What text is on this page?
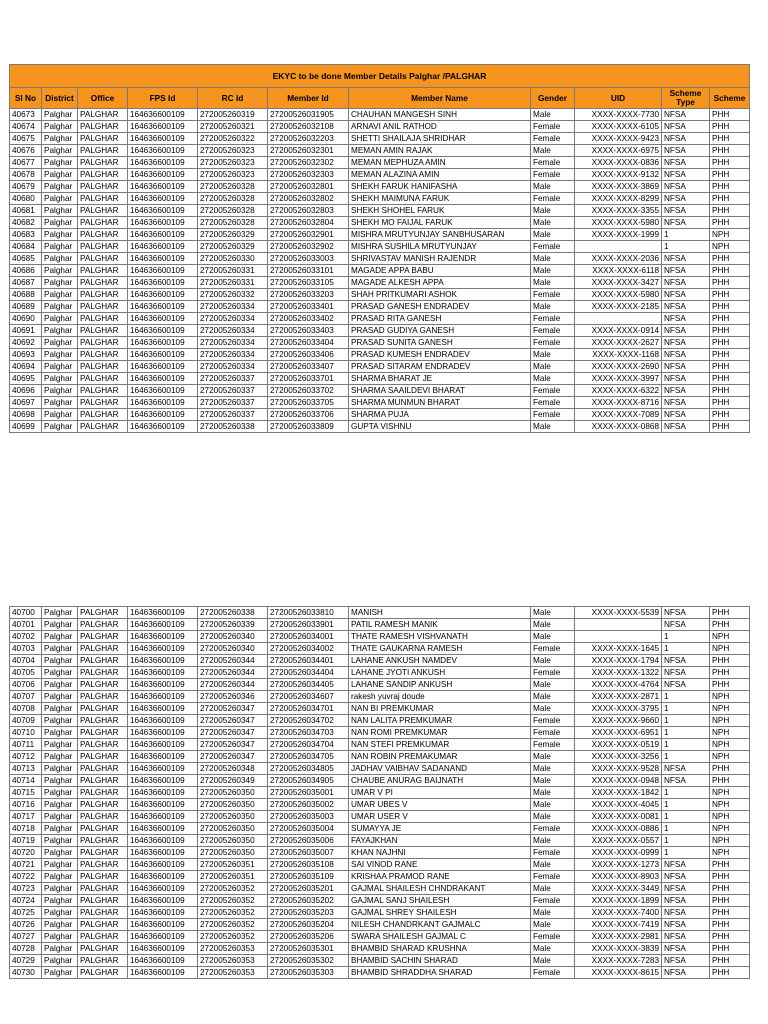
EKYC to be done Member Details Palghar /PALGHAR										
Sl No	District	Office	FPS Id	RC Id	Member Id	Member Name	Gender	UID	Scheme Type	Scheme
40673	Palghar	PALGHAR	164636600109	272005260319	27200526031905	CHAUHAN MANGESH SINH	Male	XXXX-XXXX-7730	NFSA	PHH
40674	Palghar	PALGHAR	164636600109	272005260321	27200526032108	ARNAVI ANIL RATHOD	Female	XXXX-XXXX-6105	NFSA	PHH
40675	Palghar	PALGHAR	164636600109	272005260322	27200526032203	SHETTI SHAILAJA SHRIDHAR	Female	XXXX-XXXX-9423	NFSA	PHH
40676	Palghar	PALGHAR	164636600109	272005260323	27200526032301	MEMAN AMIN RAJAK	Male	XXXX-XXXX-6975	NFSA	PHH
40677	Palghar	PALGHAR	164636600109	272005260323	27200526032302	MEMAN MEPHUZA AMIN	Female	XXXX-XXXX-0836	NFSA	PHH
40678	Palghar	PALGHAR	164636600109	272005260323	27200526032303	MEMAN ALAZINA AMIN	Female	XXXX-XXXX-9132	NFSA	PHH
40679	Palghar	PALGHAR	164636600109	272005260328	27200526032801	SHEKH FARUK HANIFASHA	Male	XXXX-XXXX-3869	NFSA	PHH
40680	Palghar	PALGHAR	164636600109	272005260328	27200526032802	SHEKH MAIMUNA FARUK	Female	XXXX-XXXX-8299	NFSA	PHH
40681	Palghar	PALGHAR	164636600109	272005260328	27200526032803	SHEKH SHOHEL FARUK	Male	XXXX-XXXX-3355	NFSA	PHH
40682	Palghar	PALGHAR	164636600109	272005260328	27200526032804	SHEKH MO FAIJAL FARUK	Male	XXXX-XXXX-5980	NFSA	PHH
40683	Palghar	PALGHAR	164636600109	272005260329	27200526032901	MISHRA MRUTYUNJAY SANBHUSARAN	Male	XXXX-XXXX-1999	1	NPH
40684	Palghar	PALGHAR	164636600109	272005260329	27200526032902	MISHRA SUSHILA MRUTYUNJAY	Female		1	NPH
40685	Palghar	PALGHAR	164636600109	272005260330	27200526033003	SHRIVASTAV MANISH RAJENDR	Male	XXXX-XXXX-2036	NFSA	PHH
40686	Palghar	PALGHAR	164636600109	272005260331	27200526033101	MAGADE APPA BABU	Male	XXXX-XXXX-6118	NFSA	PHH
40687	Palghar	PALGHAR	164636600109	272005260331	27200526033105	MAGADE ALKESH APPA	Male	XXXX-XXXX-3427	NFSA	PHH
40688	Palghar	PALGHAR	164636600109	272005260332	27200526033203	SHAH PRITKUMARI ASHOK	Female	XXXX-XXXX-5980	NFSA	PHH
40689	Palghar	PALGHAR	164636600109	272005260334	27200526033401	PRASAD GANESH ENDRADEV	Male	XXXX-XXXX-2185	NFSA	PHH
40690	Palghar	PALGHAR	164636600109	272005260334	27200526033402	PRASAD RITA GANESH	Female		NFSA	PHH
40691	Palghar	PALGHAR	164636600109	272005260334	27200526033403	PRASAD GUDIYA GANESH	Female	XXXX-XXXX-0914	NFSA	PHH
40692	Palghar	PALGHAR	164636600109	272005260334	27200526033404	PRASAD SUNITA GANESH	Female	XXXX-XXXX-2627	NFSA	PHH
40693	Palghar	PALGHAR	164636600109	272005260334	27200526033406	PRASAD KUMESH ENDRADEV	Male	XXXX-XXXX-1168	NFSA	PHH
40694	Palghar	PALGHAR	164636600109	272005260334	27200526033407	PRASAD SITARAM ENDRADEV	Male	XXXX-XXXX-2690	NFSA	PHH
40695	Palghar	PALGHAR	164636600109	272005260337	27200526033701	SHARMA BHARAT JE	Male	XXXX-XXXX-3997	NFSA	PHH
40696	Palghar	PALGHAR	164636600109	272005260337	27200526033702	SHARMA SAAILDEVI BHARAT	Female	XXXX-XXXX-6322	NFSA	PHH
40697	Palghar	PALGHAR	164636600109	272005260337	27200526033705	SHARMA MUNMUN BHARAT	Female	XXXX-XXXX-8716	NFSA	PHH
40698	Palghar	PALGHAR	164636600109	272005260337	27200526033706	SHARMA PUJA	Female	XXXX-XXXX-7089	NFSA	PHH
40699	Palghar	PALGHAR	164636600109	272005260338	27200526033809	GUPTA VISHNU	Male	XXXX-XXXX-0868	NFSA	PHH
40700	Palghar	PALGHAR	164636600109	272005260338	27200526033810	MANISH	Male	XXXX-XXXX-5539	NFSA	PHH
40701	Palghar	PALGHAR	164636600109	272005260339	27200526033901	PATIL RAMESH MANIK	Male		NFSA	PHH
40702	Palghar	PALGHAR	164636600109	272005260340	27200526034001	THATE RAMESH VISHVANATH	Male		1	NPH
40703	Palghar	PALGHAR	164636600109	272005260340	27200526034002	THATE GAUKARNA RAMESH	Female	XXXX-XXXX-1645	1	NPH
40704	Palghar	PALGHAR	164636600109	272005260344	27200526034401	LAHANE ANKUSH NAMDEV	Male	XXXX-XXXX-1794	NFSA	PHH
40705	Palghar	PALGHAR	164636600109	272005260344	27200526034404	LAHANE JYOTI ANKUSH	Female	XXXX-XXXX-1322	NFSA	PHH
40706	Palghar	PALGHAR	164636600109	272005260344	27200526034405	LAHANE SANDIP ANKUSH	Male	XXXX-XXXX-4764	NFSA	PHH
40707	Palghar	PALGHAR	164636600109	272005260346	27200526034607	rakesh yuvraj doude	Male	XXXX-XXXX-2871	1	NPH
40708	Palghar	PALGHAR	164636600109	272005260347	27200526034701	NAN BI PREMKUMAR	Male	XXXX-XXXX-3795	1	NPH
40709	Palghar	PALGHAR	164636600109	272005260347	27200526034702	NAN LALITA PREMKUMAR	Female	XXXX-XXXX-9660	1	NPH
40710	Palghar	PALGHAR	164636600109	272005260347	27200526034703	NAN ROMI PREMKUMAR	Female	XXXX-XXXX-6951	1	NPH
40711	Palghar	PALGHAR	164636600109	272005260347	27200526034704	NAN STEFI PREMKUMAR	Female	XXXX-XXXX-0519	1	NPH
40712	Palghar	PALGHAR	164636600109	272005260347	27200526034705	NAN ROBIN PREMAKUMAR	Male	XXXX-XXXX-3256	1	NPH
40713	Palghar	PALGHAR	164636600109	272005260348	27200526034805	JADHAV VAIBHAV SADANAND	Male	XXXX-XXXX-9528	NFSA	PHH
40714	Palghar	PALGHAR	164636600109	272005260349	27200526034905	CHAUBE ANURAG BAIJNATH	Male	XXXX-XXXX-0948	NFSA	PHH
40715	Palghar	PALGHAR	164636600109	272005260350	27200526035001	UMAR V PI	Male	XXXX-XXXX-1842	1	NPH
40716	Palghar	PALGHAR	164636600109	272005260350	27200526035002	UMAR UBES V	Male	XXXX-XXXX-4045	1	NPH
40717	Palghar	PALGHAR	164636600109	272005260350	27200526035003	UMAR USER V	Male	XXXX-XXXX-0081	1	NPH
40718	Palghar	PALGHAR	164636600109	272005260350	27200526035004	SUMAYYA JE	Female	XXXX-XXXX-0886	1	NPH
40719	Palghar	PALGHAR	164636600109	272005260350	27200526035006	FAYAJKHAN	Male	XXXX-XXXX-0557	1	NPH
40720	Palghar	PALGHAR	164636600109	272005260350	27200526035007	KHAN NAJHNI	Female	XXXX-XXXX-0999	1	NPH
40721	Palghar	PALGHAR	164636600109	272005260351	27200526035108	SAI VINOD RANE	Male	XXXX-XXXX-1273	NFSA	PHH
40722	Palghar	PALGHAR	164636600109	272005260351	27200526035109	KRISHAA PRAMOD RANE	Female	XXXX-XXXX-8903	NFSA	PHH
40723	Palghar	PALGHAR	164636600109	272005260352	27200526035201	GAJMAL SHAILESH CHNDRAKANT	Male	XXXX-XXXX-3449	NFSA	PHH
40724	Palghar	PALGHAR	164636600109	272005260352	27200526035202	GAJMAL SANJ SHAILESH	Female	XXXX-XXXX-1899	NFSA	PHH
40725	Palghar	PALGHAR	164636600109	272005260352	27200526035203	GAJMAL SHREY SHAILESH	Male	XXXX-XXXX-7400	NFSA	PHH
40726	Palghar	PALGHAR	164636600109	272005260352	27200526035204	NILESH CHANDRKANT GAJMALC	Male	XXXX-XXXX-7419	NFSA	PHH
40727	Palghar	PALGHAR	164636600109	272005260352	27200526035206	SWARA SHAILESH GAJMAL C	Female	XXXX-XXXX-2981	NFSA	PHH
40728	Palghar	PALGHAR	164636600109	272005260353	27200526035301	BHAMBID SHARAD KRUSHNA	Male	XXXX-XXXX-3839	NFSA	PHH
40729	Palghar	PALGHAR	164636600109	272005260353	27200526035302	BHAMBID SACHIN SHARAD	Male	XXXX-XXXX-7283	NFSA	PHH
40730	Palghar	PALGHAR	164636600109	272005260353	27200526035303	BHAMBID SHRADDHA SHARAD	Female	XXXX-XXXX-8615	NFSA	PHH
